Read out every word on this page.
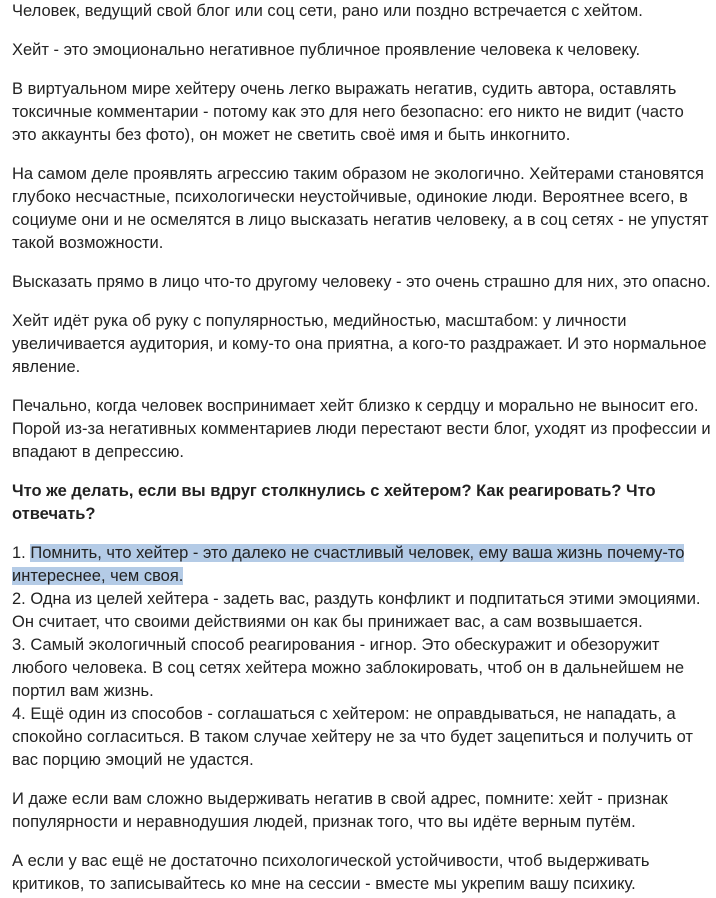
Человек, ведущий свой блог или соц сети, рано или поздно встречается с хейтом.

Хейт - это эмоционально негативное публичное проявление человека к человеку.

В виртуальном мире хейтеру очень легко выражать негатив, судить автора, оставлять токсичные комментарии - потому как это для него безопасно: его никто не видит (часто это аккаунты без фото), он может не светить своё имя и быть инкогнито.

На самом деле проявлять агрессию таким образом не экологично. Хейтерами становятся глубоко несчастные, психологически неустойчивые, одинокие люди. Вероятнее всего, в социуме они и не осмелятся в лицо высказать негатив человеку, а в соц сетях - не упустят такой возможности.

Высказать прямо в лицо что-то другому человеку - это очень страшно для них, это опасно.

Хейт идёт рука об руку с популярностью, медийностью, масштабом: у личности увеличивается аудитория, и кому-то она приятна, а кого-то раздражает. И это нормальное явление.

Печально, когда человек воспринимает хейт близко к сердцу и морально не выносит его. Порой из-за негативных комментариев люди перестают вести блог, уходят из профессии и впадают в депрессию.

Что же делать, если вы вдруг столкнулись с хейтером? Как реагировать? Что отвечать?

1. Помнить, что хейтер - это далеко не счастливый человек, ему ваша жизнь почему-то интереснее, чем своя.

2. Одна из целей хейтера - задеть вас, раздуть конфликт и подпитаться этими эмоциями. Он считает, что своими действиями он как бы принижает вас, а сам возвышается.

3. Самый экологичный способ реагирования - игнор. Это обескуражит и обезоружит любого человека. В соц сетях хейтера можно заблокировать, чтоб он в дальнейшем не портил вам жизнь.

4. Ещё один из способов - соглашаться с хейтером: не оправдываться, не нападать, а спокойно согласиться. В таком случае хейтеру не за что будет зацепиться и получить от вас порцию эмоций не удастся.

И даже если вам сложно выдерживать негатив в свой адрес, помните: хейт - признак популярности и неравнодушия людей, признак того, что вы идёте верным путём.

А если у вас ещё не достаточно психологической устойчивости, чтоб выдерживать критиков, то записывайтесь ко мне на сессии - вместе мы укрепим вашу психику.
